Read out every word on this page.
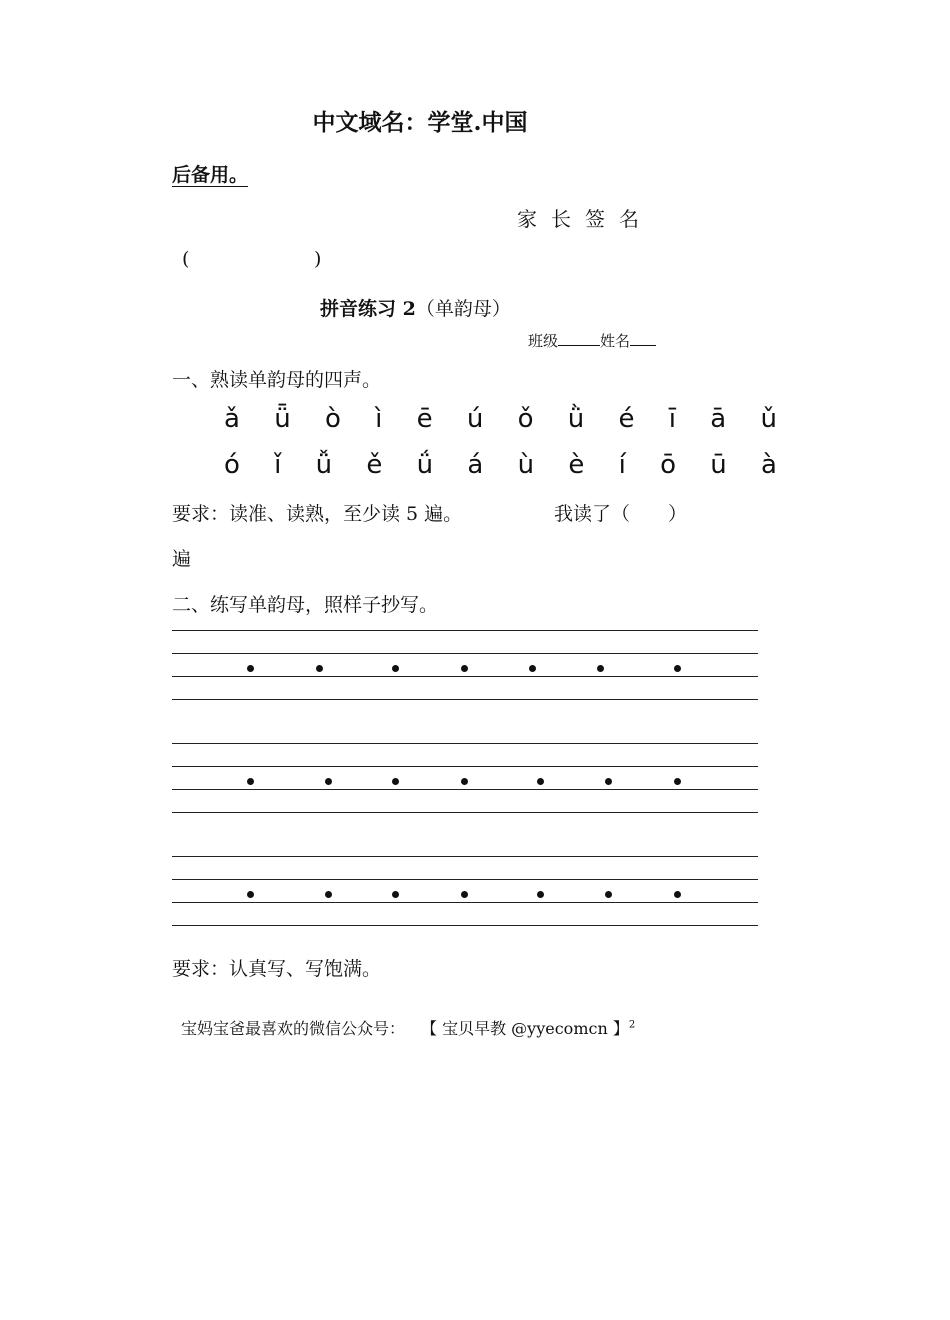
中文域名：学堂.中国
后备用。
家长签名
(	)
拼音练习 2（单韵母）
班级	姓名
一、熟读单韵母的四声。
ǎ ǖ ò ì ē ú ǒ ǜ é ī ā ǔ
ó ǐ ǚ ě ǘ á ù è í ō ū à
要求：读准、读熟，至少读 5 遍。	我读了（　　）
遍
二、练写单韵母，照样子抄写。
要求：认真写、写饱满。
宝妈宝爸最喜欢的微信公众号：　　【 宝贝早教 @yyecomcn 】$^2$
